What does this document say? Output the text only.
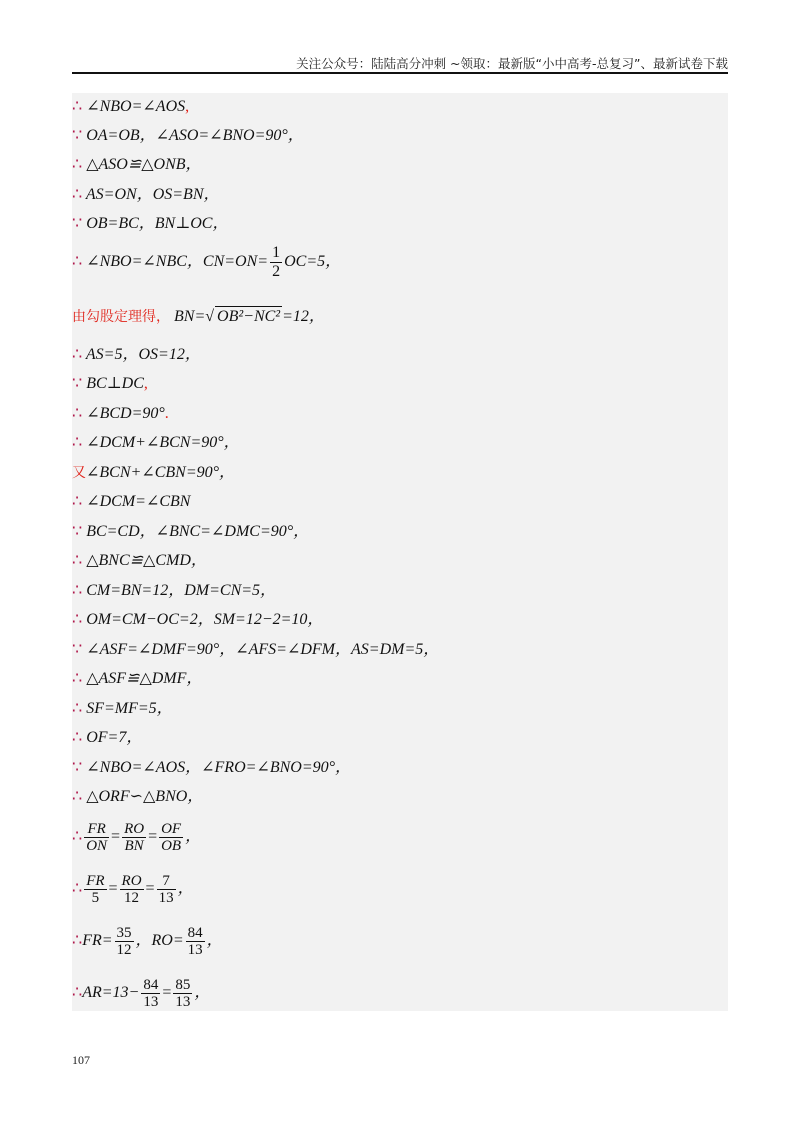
关注公众号：陆陆高分冲刺 ~领取：最新版“小中高考-总复习”、最新试卷下载
∴ ∠NBO=∠AOS,
∵ OA=OB，∠ASO=∠BNO=90°，
∴ △ASO≌△ONB，
∴ AS=ON，OS=BN，
∵ OB=BC，BN⊥OC，
∴ ∠NBO=∠NBC，$CN=ON= \frac{1}{2} OC=5$，
由勾股定理得， BN=√ OB²−NC² =12，
∴ AS=5，OS=12，
∵ BC⊥DC,
∴ ∠BCD=90°.
∴ ∠DCM+∠BCN=90°，
又∠BCN+∠CBN=90°，
∴ ∠DCM=∠CBN
∵ BC=CD，∠BNC=∠DMC=90°，
∴ △BNC≌△CMD，
∴ CM=BN=12，DM=CN=5，
∴ OM=CM−OC=2，SM=12−2=10，
∵ ∠ASF=∠DMF=90°，∠AFS=∠DFM，AS=DM=5，
∴ △ASF≌△DMF，
∴ SF=MF=5，
∴ OF=7，
∵ ∠NBO=∠AOS，∠FRO=∠BNO=90°，
∴ △ORF∽△BNO，
∴ $\frac{FR}{ON} = \frac{RO}{BN} = \frac{OF}{OB}$ ，
∴ $\frac{FR}{5} = \frac{RO}{12} = \frac{7}{13}$ ，
∴FR= $\frac{35}{12}$ ，$RO= \frac{84}{13}$ ，
∴AR=13− $\frac{84}{13} = \frac{85}{13}$ ，
107
